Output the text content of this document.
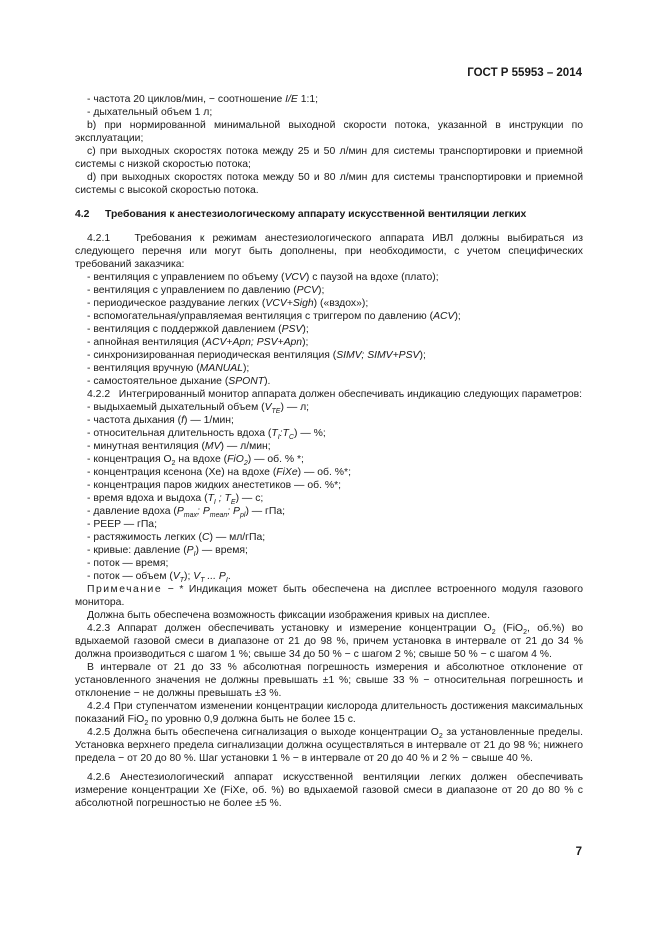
ГОСТ Р 55953 – 2014

- частота 20 циклов/мин, − соотношение I/E 1:1;

- дыхательный объем 1 л;

b) при нормированной минимальной выходной скорости потока, указанной в инструкции по эксплуатации;

с) при выходных скоростях потока между 25 и 50 л/мин для системы транспортировки и приемной системы с низкой скоростью потока;

d) при выходных скоростях потока между 50 и 80 л/мин для системы транспортировки и приемной системы с высокой скоростью потока.

4.2	Требования к анестезиологическому аппарату искусственной вентиляции легких

4.2.1 Требования к режимам анестезиологического аппарата ИВЛ должны выбираться из следующего перечня или могут быть дополнены, при необходимости, с учетом специфических требований заказчика:

- вентиляция с управлением по объему (VCV) с паузой на вдохе (плато);

- вентиляция с управлением по давлению (PCV);

- периодическое раздувание легких (VCV+Sigh) («вздох»);

- вспомогательная/управляемая вентиляция с триггером по давлению (ACV);

- вентиляция с поддержкой давлением (PSV);

- апнойная вентиляция (ACV+Apn; PSV+Apn);

- синхронизированная периодическая вентиляция (SIMV; SIMV+PSV);

- вентиляция вручную (MANUAL);

- самостоятельное дыхание (SPONT).

4.2.2 Интегрированный монитор аппарата должен обеспечивать индикацию следующих параметров:

- выдыхаемый дыхательный объем $(V_{TE})$ — л;

- частота дыхания (f) — 1/мин;

- относительная длительность вдоха $(T_I:T_C)$ — %;

- минутная вентиляция (MV) — л/мин;

- концентрация $О_2$ на вдохе (FiO$_2$) — об. % *;

- концентрация ксенона (Хе) на вдохе (FiXe) — об. %*;

- концентрация паров жидких анестетиков — об. %*;

- время вдоха и выдоха ($T_I$ ; $T_E$) — с;

- давление вдоха ($P_{max}$; $P_{mean}$; $P_{pl}$) — гПа;

- PEEP — гПа;

- растяжимость легких (C) — мл/гПа;

- кривые: давление $(P_I)$ — время;

- поток — время;

- поток — объем $(V_T)$; $V_T$ ... $P_I$.

Примечание − * Индикация может быть обеспечена на дисплее встроенного модуля газового монитора.

Должна быть обеспечена возможность фиксации изображения кривых на дисплее.

4.2.3 Аппарат должен обеспечивать установку и измерение концентрации $O_2$ (FiO$_2$, об.%) во вдыхаемой газовой смеси в диапазоне от 21 до 98 %, причем установка в интервале от 21 до 34 % должна производиться с шагом 1 %; свыше 34 до 50 % − с шагом 2 %; свыше 50 % − с шагом 4 %.

В интервале от 21 до 33 % абсолютная погрешность измерения и абсолютное отклонение от установленного значения не должны превышать ±1 %; свыше 33 % − относительная погрешность и отклонение − не должны превышать ±3 %.

4.2.4 При ступенчатом изменении концентрации кислорода длительность достижения максимальных показаний FiO$_2$ по уровню 0,9 должна быть не более 15 с.

4.2.5 Должна быть обеспечена сигнализация о выходе концентрации $O_2$ за установленные пределы. Установка верхнего предела сигнализации должна осуществляться в интервале от 21 до 98 %; нижнего предела − от 20 до 80 %. Шаг установки 1 % − в интервале от 20 до 40 % и 2 % − свыше 40 %.

4.2.6 Анестезиологический аппарат искусственной вентиляции легких должен обеспечивать измерение концентрации Хе (FiXe, об. %) во вдыхаемой газовой смеси в диапазоне от 20 до 80 % с абсолютной погрешностью не более ±5 %.

7
